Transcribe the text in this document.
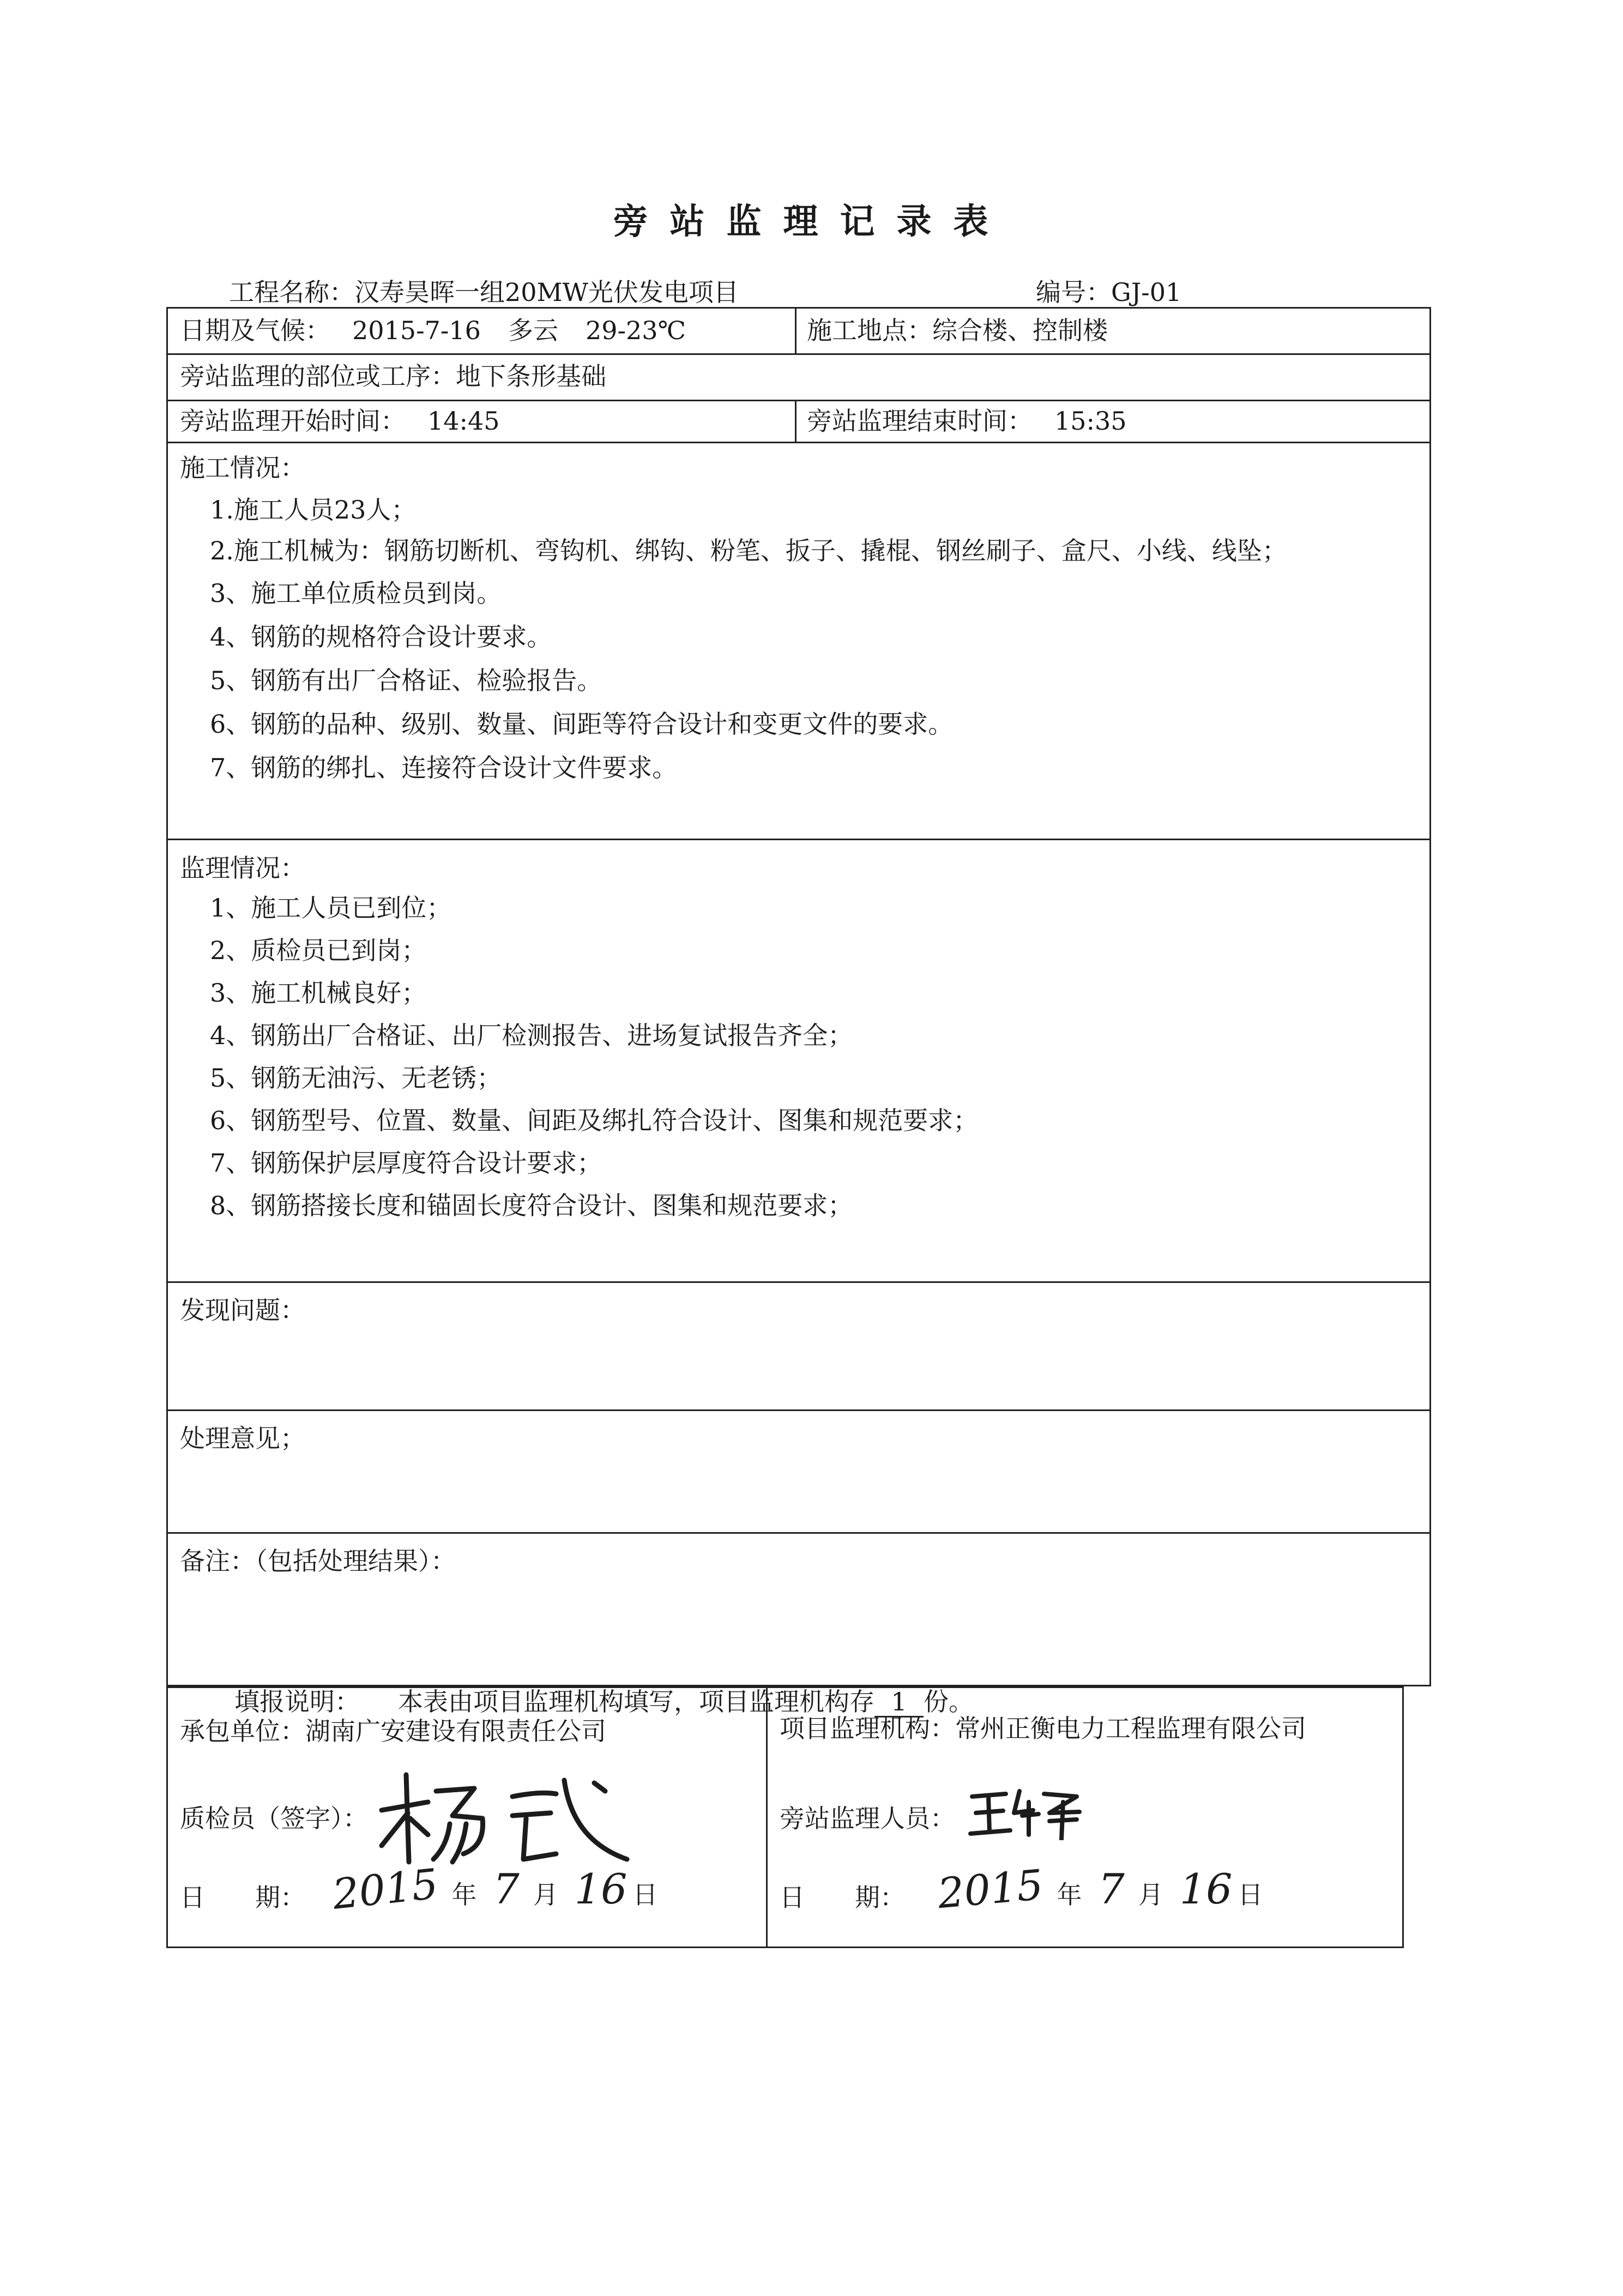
旁站监理记录表
工程名称：汉寿昊晖一组20MW光伏发电项目	编号：GJ-01
日期及气候： 2015-7-16 多云 29-23℃	施工地点：综合楼、控制楼
旁站监理的部位或工序：地下条形基础
旁站监理开始时间： 14:45	旁站监理结束时间： 15:35
施工情况：
1.施工人员23人；
2.施工机械为：钢筋切断机、弯钩机、绑钩、粉笔、扳子、撬棍、钢丝刷子、盒尺、小线、线坠；
3、施工单位质检员到岗。
4、钢筋的规格符合设计要求。
5、钢筋有出厂合格证、检验报告。
6、钢筋的品种、级别、数量、间距等符合设计和变更文件的要求。
7、钢筋的绑扎、连接符合设计文件要求。
监理情况：
1、施工人员已到位；
2、质检员已到岗；
3、施工机械良好；
4、钢筋出厂合格证、出厂检测报告、进场复试报告齐全；
5、钢筋无油污、无老锈；
6、钢筋型号、位置、数量、间距及绑扎符合设计、图集和规范要求；
7、钢筋保护层厚度符合设计要求；
8、钢筋搭接长度和锚固长度符合设计、图集和规范要求；
发现问题：
处理意见；
备注：（包括处理结果）：
承包单位：湖南广安建设有限责任公司
质检员（签字）：
日　　期： 2015 年 7 月 16 日
项目监理机构：常州正衡电力工程监理有限公司
旁站监理人员：
日　　期： 2015 年 7 月 16 日
填报说明： 本表由项目监理机构填写，项目监理机构存 1 份。
